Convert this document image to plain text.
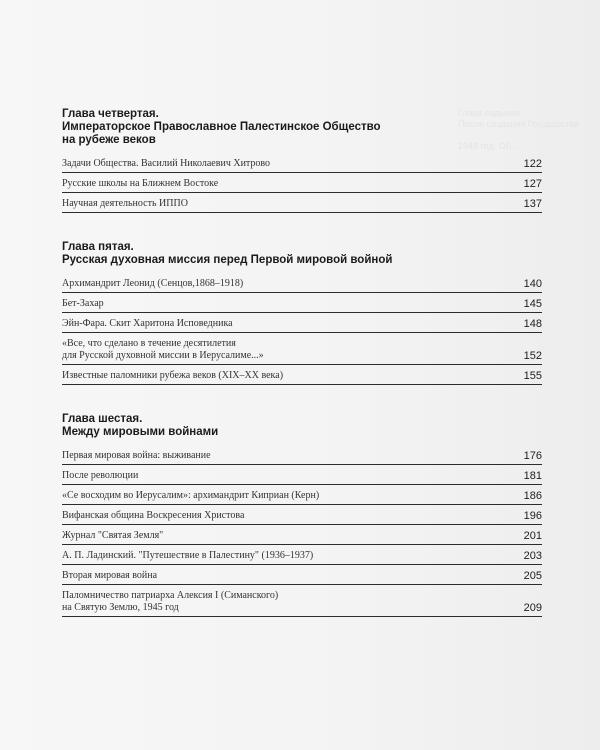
Глава седьмая.
После создания Государства

1948 год. ОБ...
Глава четвертая.
Императорское Православное Палестинское Общество
на рубеже веков
Задачи Общества. Василий Николаевич Хитрово	122
Русские школы на Ближнем Востоке	127
Научная деятельность ИППО	137
Глава пятая.
Русская духовная миссия перед Первой мировой войной
Архимандрит Леонид (Сенцов,1868–1918)	140
Бет-Захар	145
Эйн-Фара. Скит Харитона Исповедника	148
«Все, что сделано в течение десятилетия
для Русской духовной миссии в Иерусалиме...»	152
Известные паломники рубежа веков (XIX–XX века)	155
Глава шестая.
Между мировыми войнами
Первая мировая война: выживание	176
После революции	181
«Се восходим во Иерусалим»: архимандрит Киприан (Керн)	186
Вифанская община Воскресения Христова	196
Журнал "Святая Земля"	201
А. П. Ладинский. "Путешествие в Палестину" (1936–1937)	203
Вторая мировая война	205
Паломничество патриарха Алексия I (Симанского)
на Святую Землю, 1945 год	209
